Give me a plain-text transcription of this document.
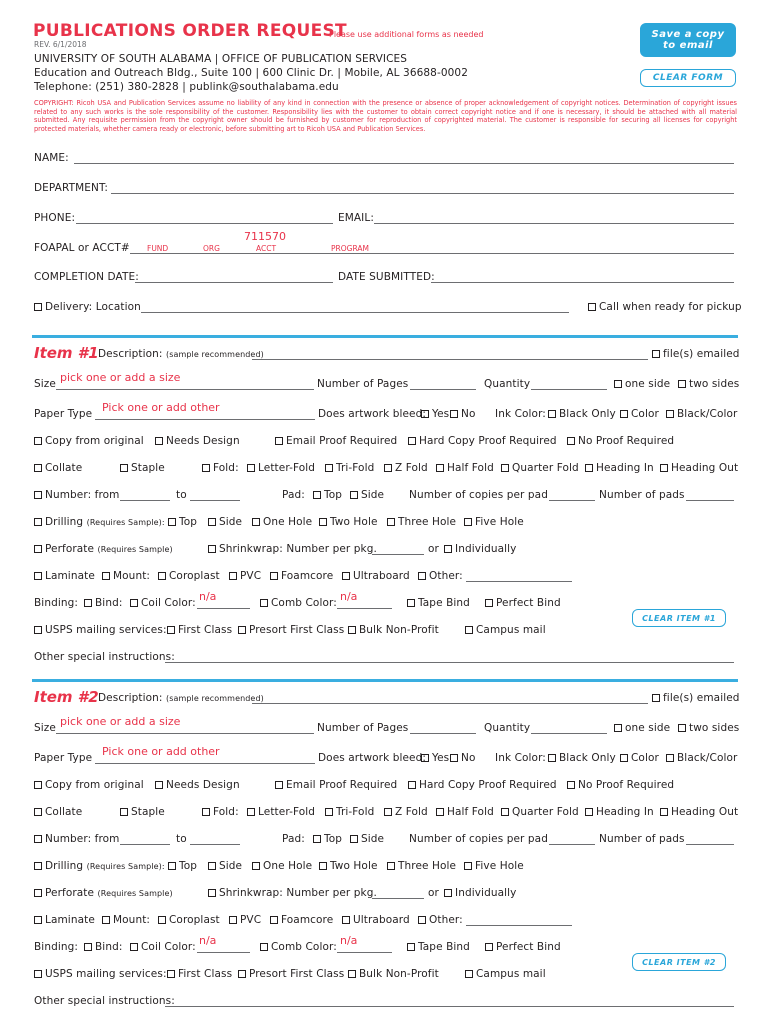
PUBLICATIONS ORDER REQUEST
Please use additional forms as needed
REV. 6/1/2018
UNIVERSITY OF SOUTH ALABAMA | OFFICE OF PUBLICATION SERVICES
Education and Outreach Bldg., Suite 100 | 600 Clinic Dr. | Mobile, AL 36688-0002
Telephone: (251) 380-2828 | publink@southalabama.edu
Save a copy to email
CLEAR FORM
COPYRIGHT: Ricoh USA and Publication Services assume no liability of any kind in connection with the presence or absence of proper acknowledgement of copyright notices. Determination of copyright issues related to any such works is the sole responsibility of the customer. Responsibility lies with the customer to obtain correct copyright notice and if one is necessary, it should be attached with all material submitted. Any requisite permission from the copyright owner should be furnished by customer for reproduction of copyrighted material. The customer is responsible for securing all licenses for copyright protected materials, whether camera ready or electronic, before submitting art to Ricoh USA and Publication Services.
NAME:
DEPARTMENT:
PHONE:	EMAIL:
FOAPAL or ACCT# FUND	ORG	ACCT	PROGRAM
711570
COMPLETION DATE:	DATE SUBMITTED:
Delivery: Location	Call when ready for pickup
Item #1 Description: (sample recommended)	file(s) emailed
Size pick one or add a size	Number of Pages	Quantity	one side	two sides
Paper Type Pick one or add other	Does artwork bleed: Yes	No Ink Color:	Black Only	Color	Black/Color
Copy from original	Needs Design	Email Proof Required	Hard Copy Proof Required	No Proof Required
Collate	Staple	Fold:	Letter-Fold	Tri-Fold	Z Fold	Half Fold	Quarter Fold	Heading In	Heading Out
Number: from	to	Pad:	Top	Side Number of copies per pad	Number of pads
Drilling (Requires Sample):	Top	Side	One Hole	Two Hole	Three Hole	Five Hole
Perforate (Requires Sample)	Shrinkwrap: Number per pkg.	or	Individually
Laminate	Mount:	Coroplast	PVC	Foamcore	Ultraboard	Other:
Binding:	Bind:	Coil Color: n/a	Comb Color: n/a	Tape Bind	Perfect Bind
USPS mailing services:	First Class	Presort First Class	Bulk Non-Profit	Campus mail
CLEAR ITEM #1
Other special instructions:
Item #2 Description: (sample recommended)	file(s) emailed
Size pick one or add a size	Number of Pages	Quantity	one side	two sides
Paper Type Pick one or add other	Does artwork bleed: Yes	No Ink Color:	Black Only	Color	Black/Color
Copy from original	Needs Design	Email Proof Required	Hard Copy Proof Required	No Proof Required
Collate	Staple	Fold:	Letter-Fold	Tri-Fold	Z Fold	Half Fold	Quarter Fold	Heading In	Heading Out
Number: from	to	Pad:	Top	Side Number of copies per pad	Number of pads
Drilling (Requires Sample):	Top	Side	One Hole	Two Hole	Three Hole	Five Hole
Perforate (Requires Sample)	Shrinkwrap: Number per pkg.	or	Individually
Laminate	Mount:	Coroplast	PVC	Foamcore	Ultraboard	Other:
Binding:	Bind:	Coil Color: n/a	Comb Color: n/a	Tape Bind	Perfect Bind
USPS mailing services:	First Class	Presort First Class	Bulk Non-Profit	Campus mail
CLEAR ITEM #2
Other special instructions:
